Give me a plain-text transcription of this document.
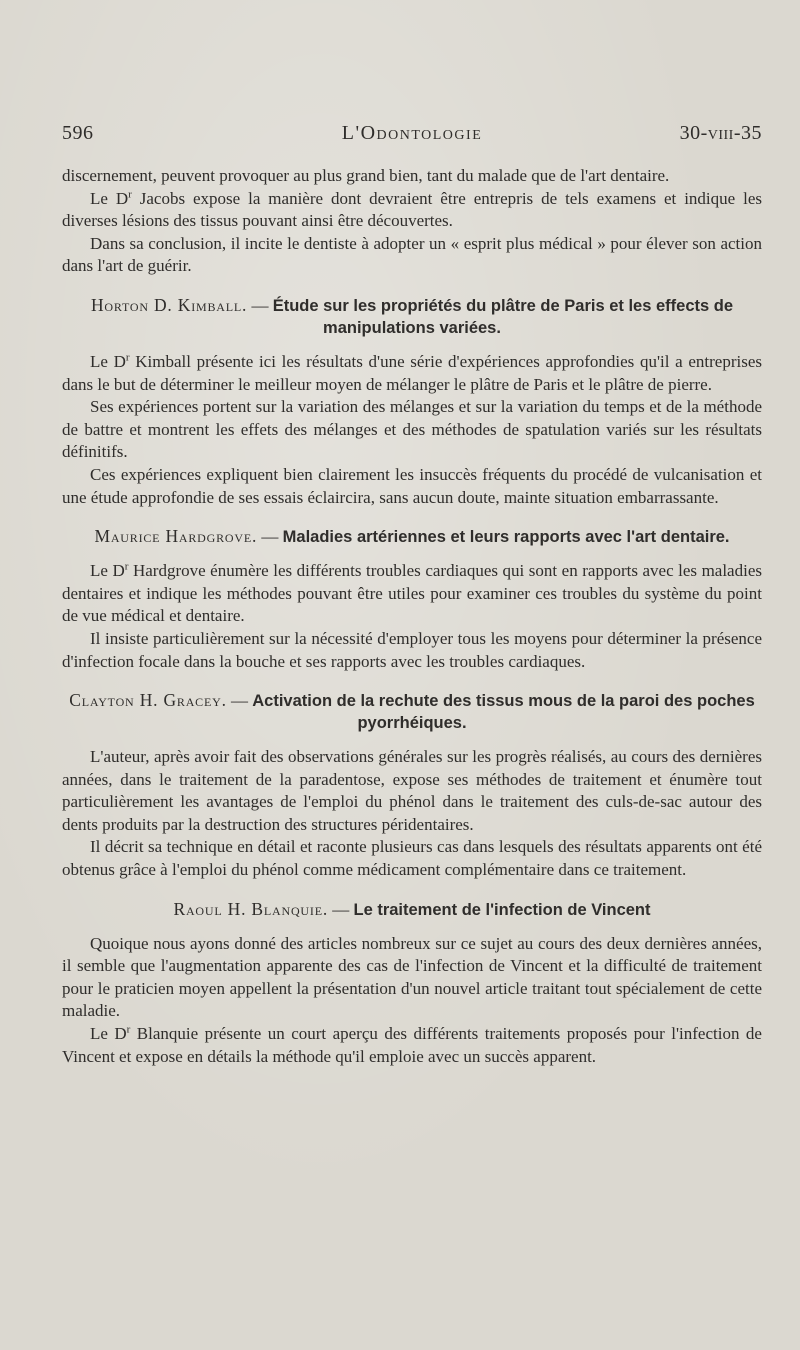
596	L'Odontologie	30-viii-35

discernement, peuvent provoquer au plus grand bien, tant du malade que de l'art dentaire.

Le $D^r$ Jacobs expose la manière dont devraient être entrepris de tels examens et indique les diverses lésions des tissus pouvant ainsi être découvertes.

Dans sa conclusion, il incite le dentiste à adopter un « esprit plus médical » pour élever son action dans l'art de guérir.

Horton D. Kimball. — Étude sur les propriétés du plâtre de Paris et les effects de manipulations variées.

Le $D^r$ Kimball présente ici les résultats d'une série d'expériences approfondies qu'il a entreprises dans le but de déterminer le meilleur moyen de mélanger le plâtre de Paris et le plâtre de pierre.

Ses expériences portent sur la variation des mélanges et sur la variation du temps et de la méthode de battre et montrent les effets des mélanges et des méthodes de spatulation variés sur les résultats définitifs.

Ces expériences expliquent bien clairement les insuccès fréquents du procédé de vulcanisation et une étude approfondie de ses essais éclaircira, sans aucun doute, mainte situation embarrassante.

Maurice Hardgrove. — Maladies artériennes et leurs rapports avec l'art dentaire.

Le $D^r$ Hardgrove énumère les différents troubles cardiaques qui sont en rapports avec les maladies dentaires et indique les méthodes pouvant être utiles pour examiner ces troubles du système du point de vue médical et dentaire.

Il insiste particulièrement sur la nécessité d'employer tous les moyens pour déterminer la présence d'infection focale dans la bouche et ses rapports avec les troubles cardiaques.

Clayton H. Gracey. — Activation de la rechute des tissus mous de la paroi des poches pyorrhéiques.

L'auteur, après avoir fait des observations générales sur les progrès réalisés, au cours des dernières années, dans le traitement de la paradentose, expose ses méthodes de traitement et énumère tout particulièrement les avantages de l'emploi du phénol dans le traitement des culs-de-sac autour des dents produits par la destruction des structures péridentaires.

Il décrit sa technique en détail et raconte plusieurs cas dans lesquels des résultats apparents ont été obtenus grâce à l'emploi du phénol comme médicament complémentaire dans ce traitement.

Raoul H. Blanquie. — Le traitement de l'infection de Vincent

Quoique nous ayons donné des articles nombreux sur ce sujet au cours des deux dernières années, il semble que l'augmentation apparente des cas de l'infection de Vincent et la difficulté de traitement pour le praticien moyen appellent la présentation d'un nouvel article traitant tout spécialement de cette maladie.

Le $D^r$ Blanquie présente un court aperçu des différents traitements proposés pour l'infection de Vincent et expose en détails la méthode qu'il emploie avec un succès apparent.
